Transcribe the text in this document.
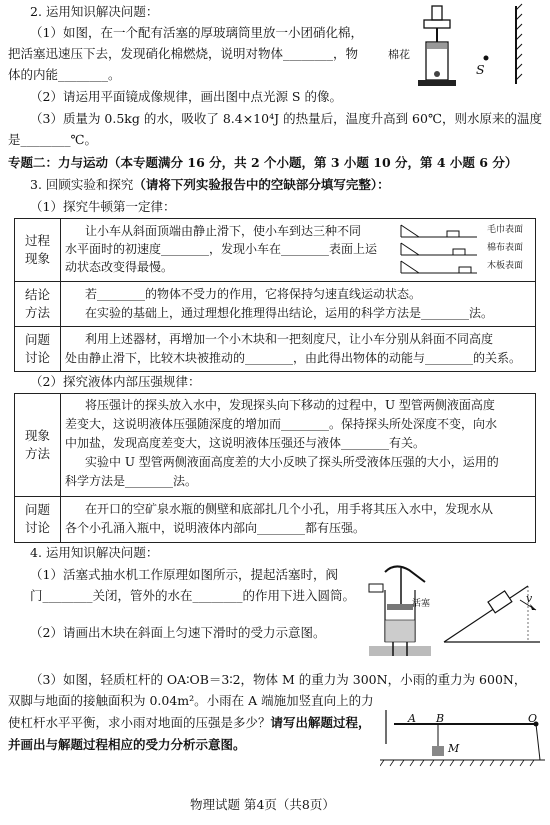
2. 运用知识解决问题：
（1）如图，在一个配有活塞的厚玻璃筒里放一小团硝化棉，
把活塞迅速压下去，发现硝化棉燃烧，说明对物体________，物
体的内能________。
（2）请运用平面镜成像规律，画出图中点光源 S 的像。
（3）质量为 0.5kg 的水，吸收了 8.4×10⁴J 的热量后，温度升高到 60℃，则水原来的温度
是________℃。
棉花
S
专题二：力与运动（本专题满分 16 分，共 2 个小题，第 3 小题 10 分，第 4 小题 6 分）
3. 回顾实验和探究（请将下列实验报告中的空缺部分填写完整）：
（1）探究牛顿第一定律：
过程
现象
让小车从斜面顶端由静止滑下，使小车到达三种不同
水平面时的初速度________，发现小车在________表面上运
动状态改变得最慢。
毛巾表面
棉布表面
木板表面
结论
方法
若________的物体不受力的作用，它将保持匀速直线运动状态。
在实验的基础上，通过理想化推理得出结论，运用的科学方法是________法。
问题
讨论
利用上述器材，再增加一个小木块和一把刻度尺，让小车分别从斜面不同高度
处由静止滑下，比较木块被推动的________，由此得出物体的动能与________的关系。
（2）探究液体内部压强规律：
现象
方法
将压强计的探头放入水中，发现探头向下移动的过程中，U 型管两侧液面高度
差变大，这说明液体压强随深度的增加而________。保持探头所处深度不变，向水
中加盐，发现高度差变大，这说明液体压强还与液体________有关。
实验中 U 型管两侧液面高度差的大小反映了探头所受液体压强的大小，运用的
科学方法是________法。
问题
讨论
在开口的空矿泉水瓶的侧壁和底部扎几个小孔，用手将其压入水中，发现水从
各个小孔涌入瓶中，说明液体内部向________都有压强。
4. 运用知识解决问题：
（1）活塞式抽水机工作原理如图所示，提起活塞时，阀
门________关闭，管外的水在________的作用下进入圆筒。
（2）请画出木块在斜面上匀速下滑时的受力示意图。
活塞	v
（3）如图，轻质杠杆的 OA∶OB＝3∶2，物体 M 的重力为 300N，小雨的重力为 600N，
双脚与地面的接触面积为 0.04m²。小雨在 A 端施加竖直向上的力
使杠杆水平平衡，求小雨对地面的压强是多少？请写出解题过程，
并画出与解题过程相应的受力分析示意图。
A B	O
M
物理试题 第4页（共8页）
